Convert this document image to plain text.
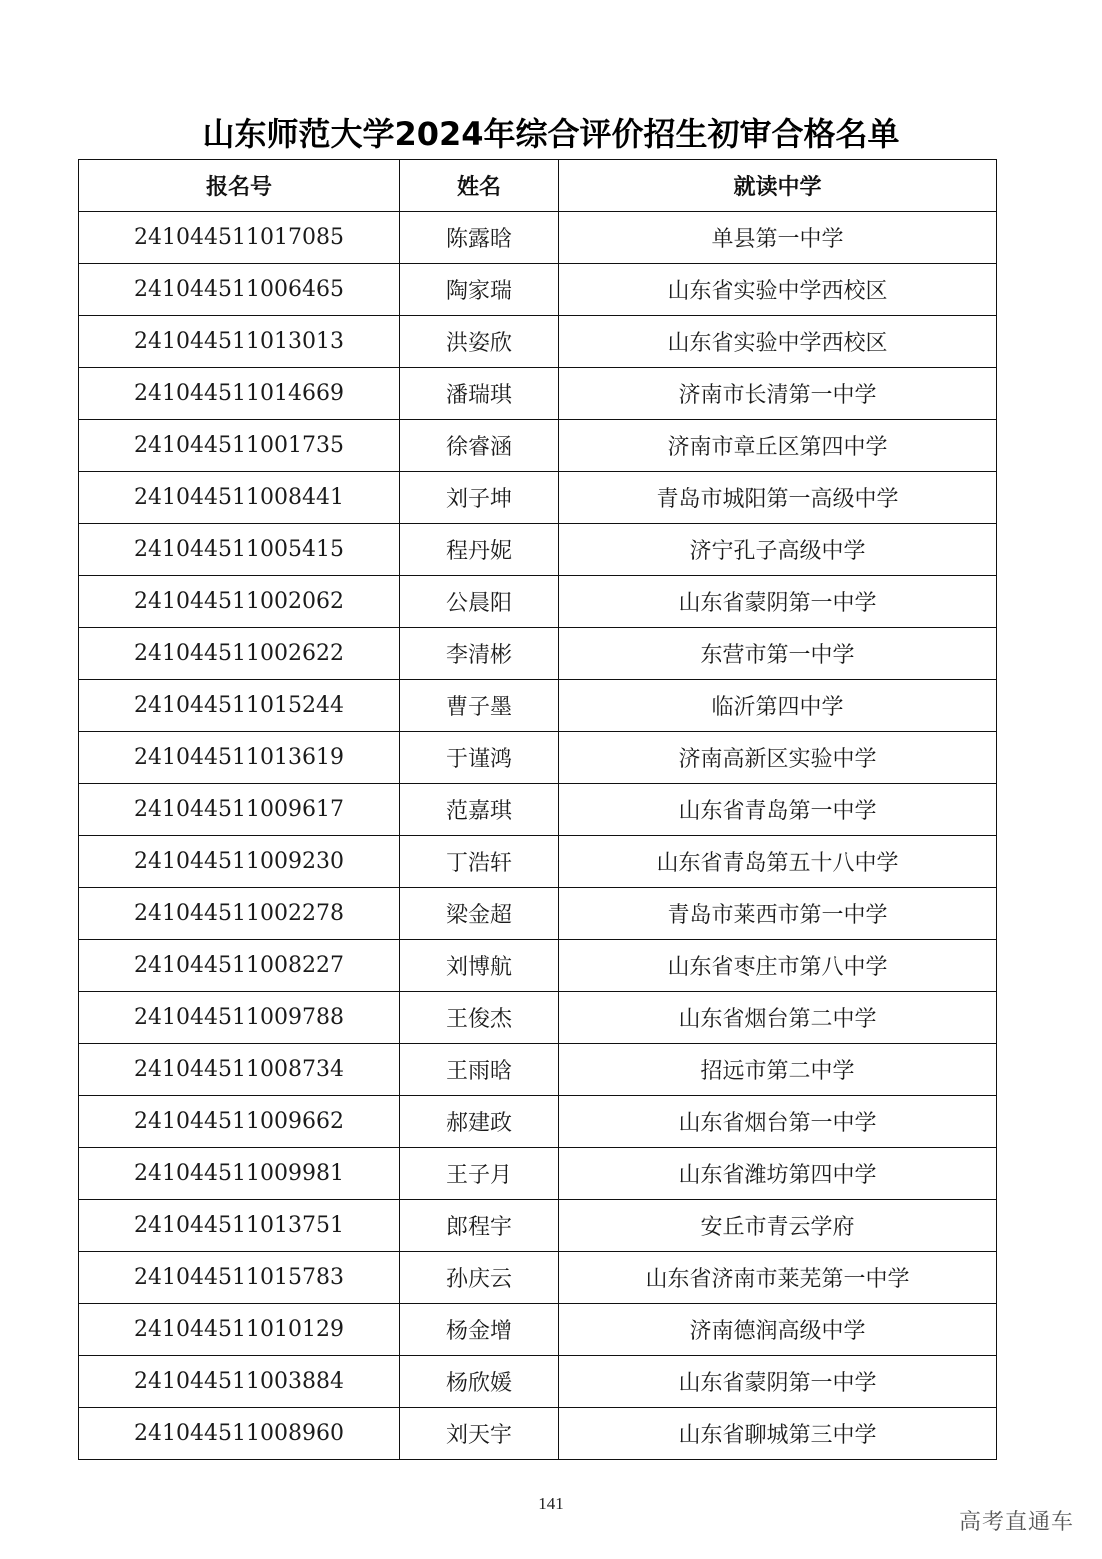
山东师范大学2024年综合评价招生初审合格名单
报名号	姓名	就读中学
241044511017085	陈露晗	单县第一中学
241044511006465	陶家瑞	山东省实验中学西校区
241044511013013	洪姿欣	山东省实验中学西校区
241044511014669	潘瑞琪	济南市长清第一中学
241044511001735	徐睿涵	济南市章丘区第四中学
241044511008441	刘子坤	青岛市城阳第一高级中学
241044511005415	程丹妮	济宁孔子高级中学
241044511002062	公晨阳	山东省蒙阴第一中学
241044511002622	李清彬	东营市第一中学
241044511015244	曹子墨	临沂第四中学
241044511013619	于谨鸿	济南高新区实验中学
241044511009617	范嘉琪	山东省青岛第一中学
241044511009230	丁浩轩	山东省青岛第五十八中学
241044511002278	梁金超	青岛市莱西市第一中学
241044511008227	刘博航	山东省枣庄市第八中学
241044511009788	王俊杰	山东省烟台第二中学
241044511008734	王雨晗	招远市第二中学
241044511009662	郝建政	山东省烟台第一中学
241044511009981	王子月	山东省潍坊第四中学
241044511013751	郎程宇	安丘市青云学府
241044511015783	孙庆云	山东省济南市莱芜第一中学
241044511010129	杨金增	济南德润高级中学
241044511003884	杨欣媛	山东省蒙阴第一中学
241044511008960	刘天宇	山东省聊城第三中学
141
高考直通车
